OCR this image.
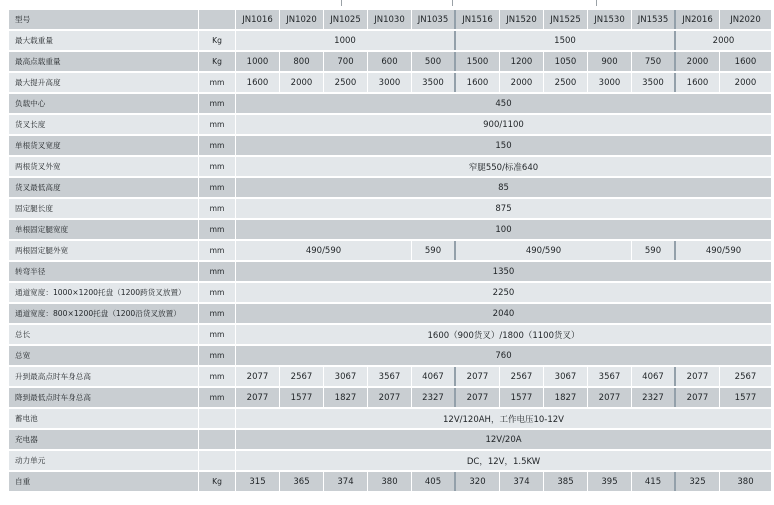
型号		JN1016	JN1020	JN1025	JN1030	JN1035	JN1516	JN1520	JN1525	JN1530	JN1535	JN2016	JN2020
最大载重量	Kg	1000					1500					2000	
最高点载重量	Kg	1000	800	700	600	500	1500	1200	1050	900	750	2000	1600
最大提升高度	mm	1600	2000	2500	3000	3500	1600	2000	2500	3000	3500	1600	2000
负载中心	mm	450											
货叉长度	mm	900/1100											
单根货叉宽度	mm	150											
两根货叉外宽	mm	窄腿550/标准640											
货叉最低高度	mm	85											
固定腿长度	mm	875											
单根固定腿宽度	mm	100											
两根固定腿外宽	mm	490/590				590	490/590				590	490/590	
转弯半径	mm	1350											
通道宽度：1000×1200托盘（1200跨货叉放置）	mm	2250											
通道宽度：800×1200托盘（1200沿货叉放置）	mm	2040											
总长	mm	1600（900货叉）/1800（1100货叉）											
总宽	mm	760											
升到最高点时车身总高	mm	2077	2567	3067	3567	4067	2077	2567	3067	3567	4067	2077	2567
降到最低点时车身总高	mm	2077	1577	1827	2077	2327	2077	1577	1827	2077	2327	2077	1577
蓄电池		12V/120AH，工作电压10-12V											
充电器		12V/20A											
动力单元		DC，12V，1.5KW											
自重	Kg	315	365	374	380	405	320	374	385	395	415	325	380
